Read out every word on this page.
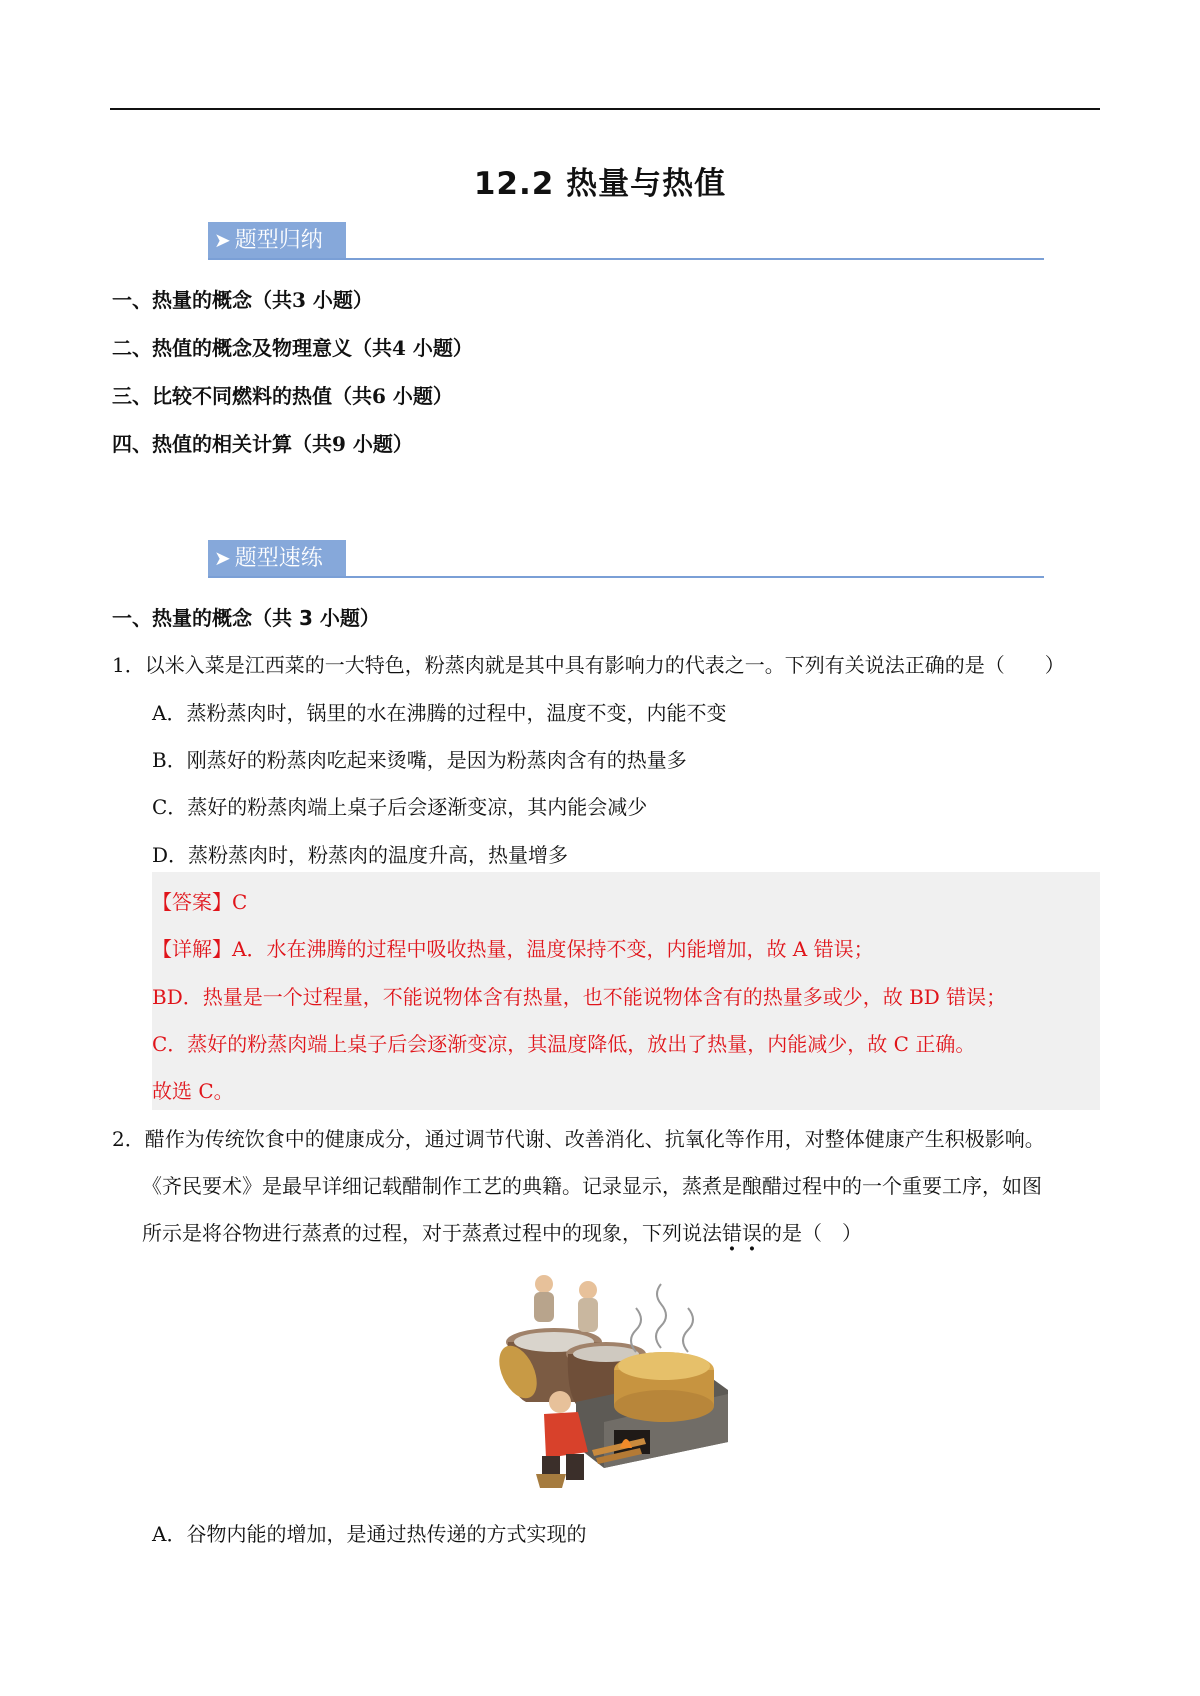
12.2 热量与热值
➤ 题型归纳
一、热量的概念（共3 小题）
二、热值的概念及物理意义（共4 小题）
三、比较不同燃料的热值（共6 小题）
四、热值的相关计算（共9 小题）
➤ 题型速练
一、热量的概念（共 3 小题）
1．以米入菜是江西菜的一大特色，粉蒸肉就是其中具有影响力的代表之一。下列有关说法正确的是（　　）
A．蒸粉蒸肉时，锅里的水在沸腾的过程中，温度不变，内能不变
B．刚蒸好的粉蒸肉吃起来烫嘴，是因为粉蒸肉含有的热量多
C．蒸好的粉蒸肉端上桌子后会逐渐变凉，其内能会减少
D．蒸粉蒸肉时，粉蒸肉的温度升高，热量增多
【答案】C
【详解】A．水在沸腾的过程中吸收热量，温度保持不变，内能增加，故 A 错误；
BD．热量是一个过程量，不能说物体含有热量，也不能说物体含有的热量多或少，故 BD 错误；
C．蒸好的粉蒸肉端上桌子后会逐渐变凉，其温度降低，放出了热量，内能减少，故 C 正确。
故选 C。
2．醋作为传统饮食中的健康成分，通过调节代谢、改善消化、抗氧化等作用，对整体健康产生积极影响。
《齐民要术》是最早详细记载醋制作工艺的典籍。记录显示，蒸煮是酿醋过程中的一个重要工序，如图
所示是将谷物进行蒸煮的过程，对于蒸煮过程中的现象，下列说法错误的是（　）
A．谷物内能的增加，是通过热传递的方式实现的
